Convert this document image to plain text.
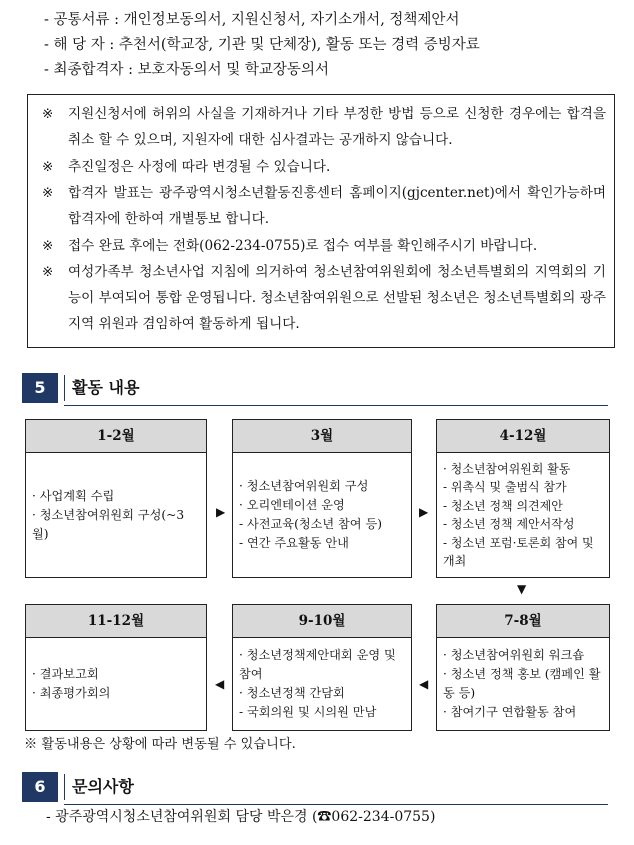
- 공통서류 : 개인정보동의서, 지원신청서, 자기소개서, 정책제안서
- 해 당 자 : 추천서(학교장, 기관 및 단체장), 활동 또는 경력 증빙자료
- 최종합격자 : 보호자동의서 및 학교장동의서
※ 지원신청서에 허위의 사실을 기재하거나 기타 부정한 방법 등으로 신청한 경우에는 합격을 취소 할 수 있으며, 지원자에 대한 심사결과는 공개하지 않습니다.
※ 추진일정은 사정에 따라 변경될 수 있습니다.
※ 합격자 발표는 광주광역시청소년활동진흥센터 홈페이지(gjcenter.net)에서 확인가능하며 합격자에 한하여 개별통보 합니다.
※ 접수 완료 후에는 전화(062-234-0755)로 접수 여부를 확인해주시기 바랍니다.
※ 여성가족부 청소년사업 지침에 의거하여 청소년참여위원회에 청소년특별회의 지역회의 기능이 부여되어 통합 운영됩니다. 청소년참여위원으로 선발된 청소년은 청소년특별회의 광주지역 위원과 겸임하여 활동하게 됩니다.
5	활동 내용
1-2월
· 사업계획 수립
· 청소년참여위원회 구성(~3월)
▶
3월
· 청소년참여위원회 구성
· 오리엔테이션 운영
- 사전교육(청소년 참여 등)
- 연간 주요활동 안내
▶
4-12월
· 청소년참여위원회 활동
- 위촉식 및 출범식 참가
- 청소년 정책 의견제안
- 청소년 정책 제안서작성
- 청소년 포럼·토론회 참여 및 개최
▼
11-12월
· 결과보고회
· 최종평가회의
◀
9-10월
· 청소년정책제안대회 운영 및 참여
· 청소년정책 간담회
- 국회의원 및 시의원 만남
◀
7-8월
· 청소년참여위원회 워크숍
· 청소년 정책 홍보 (캠페인 활동 등)
· 참여기구 연합활동 참여
※ 활동내용은 상황에 따라 변동될 수 있습니다.
6	문의사항
- 광주광역시청소년참여위원회 담당 박은경 (☎062-234-0755)
